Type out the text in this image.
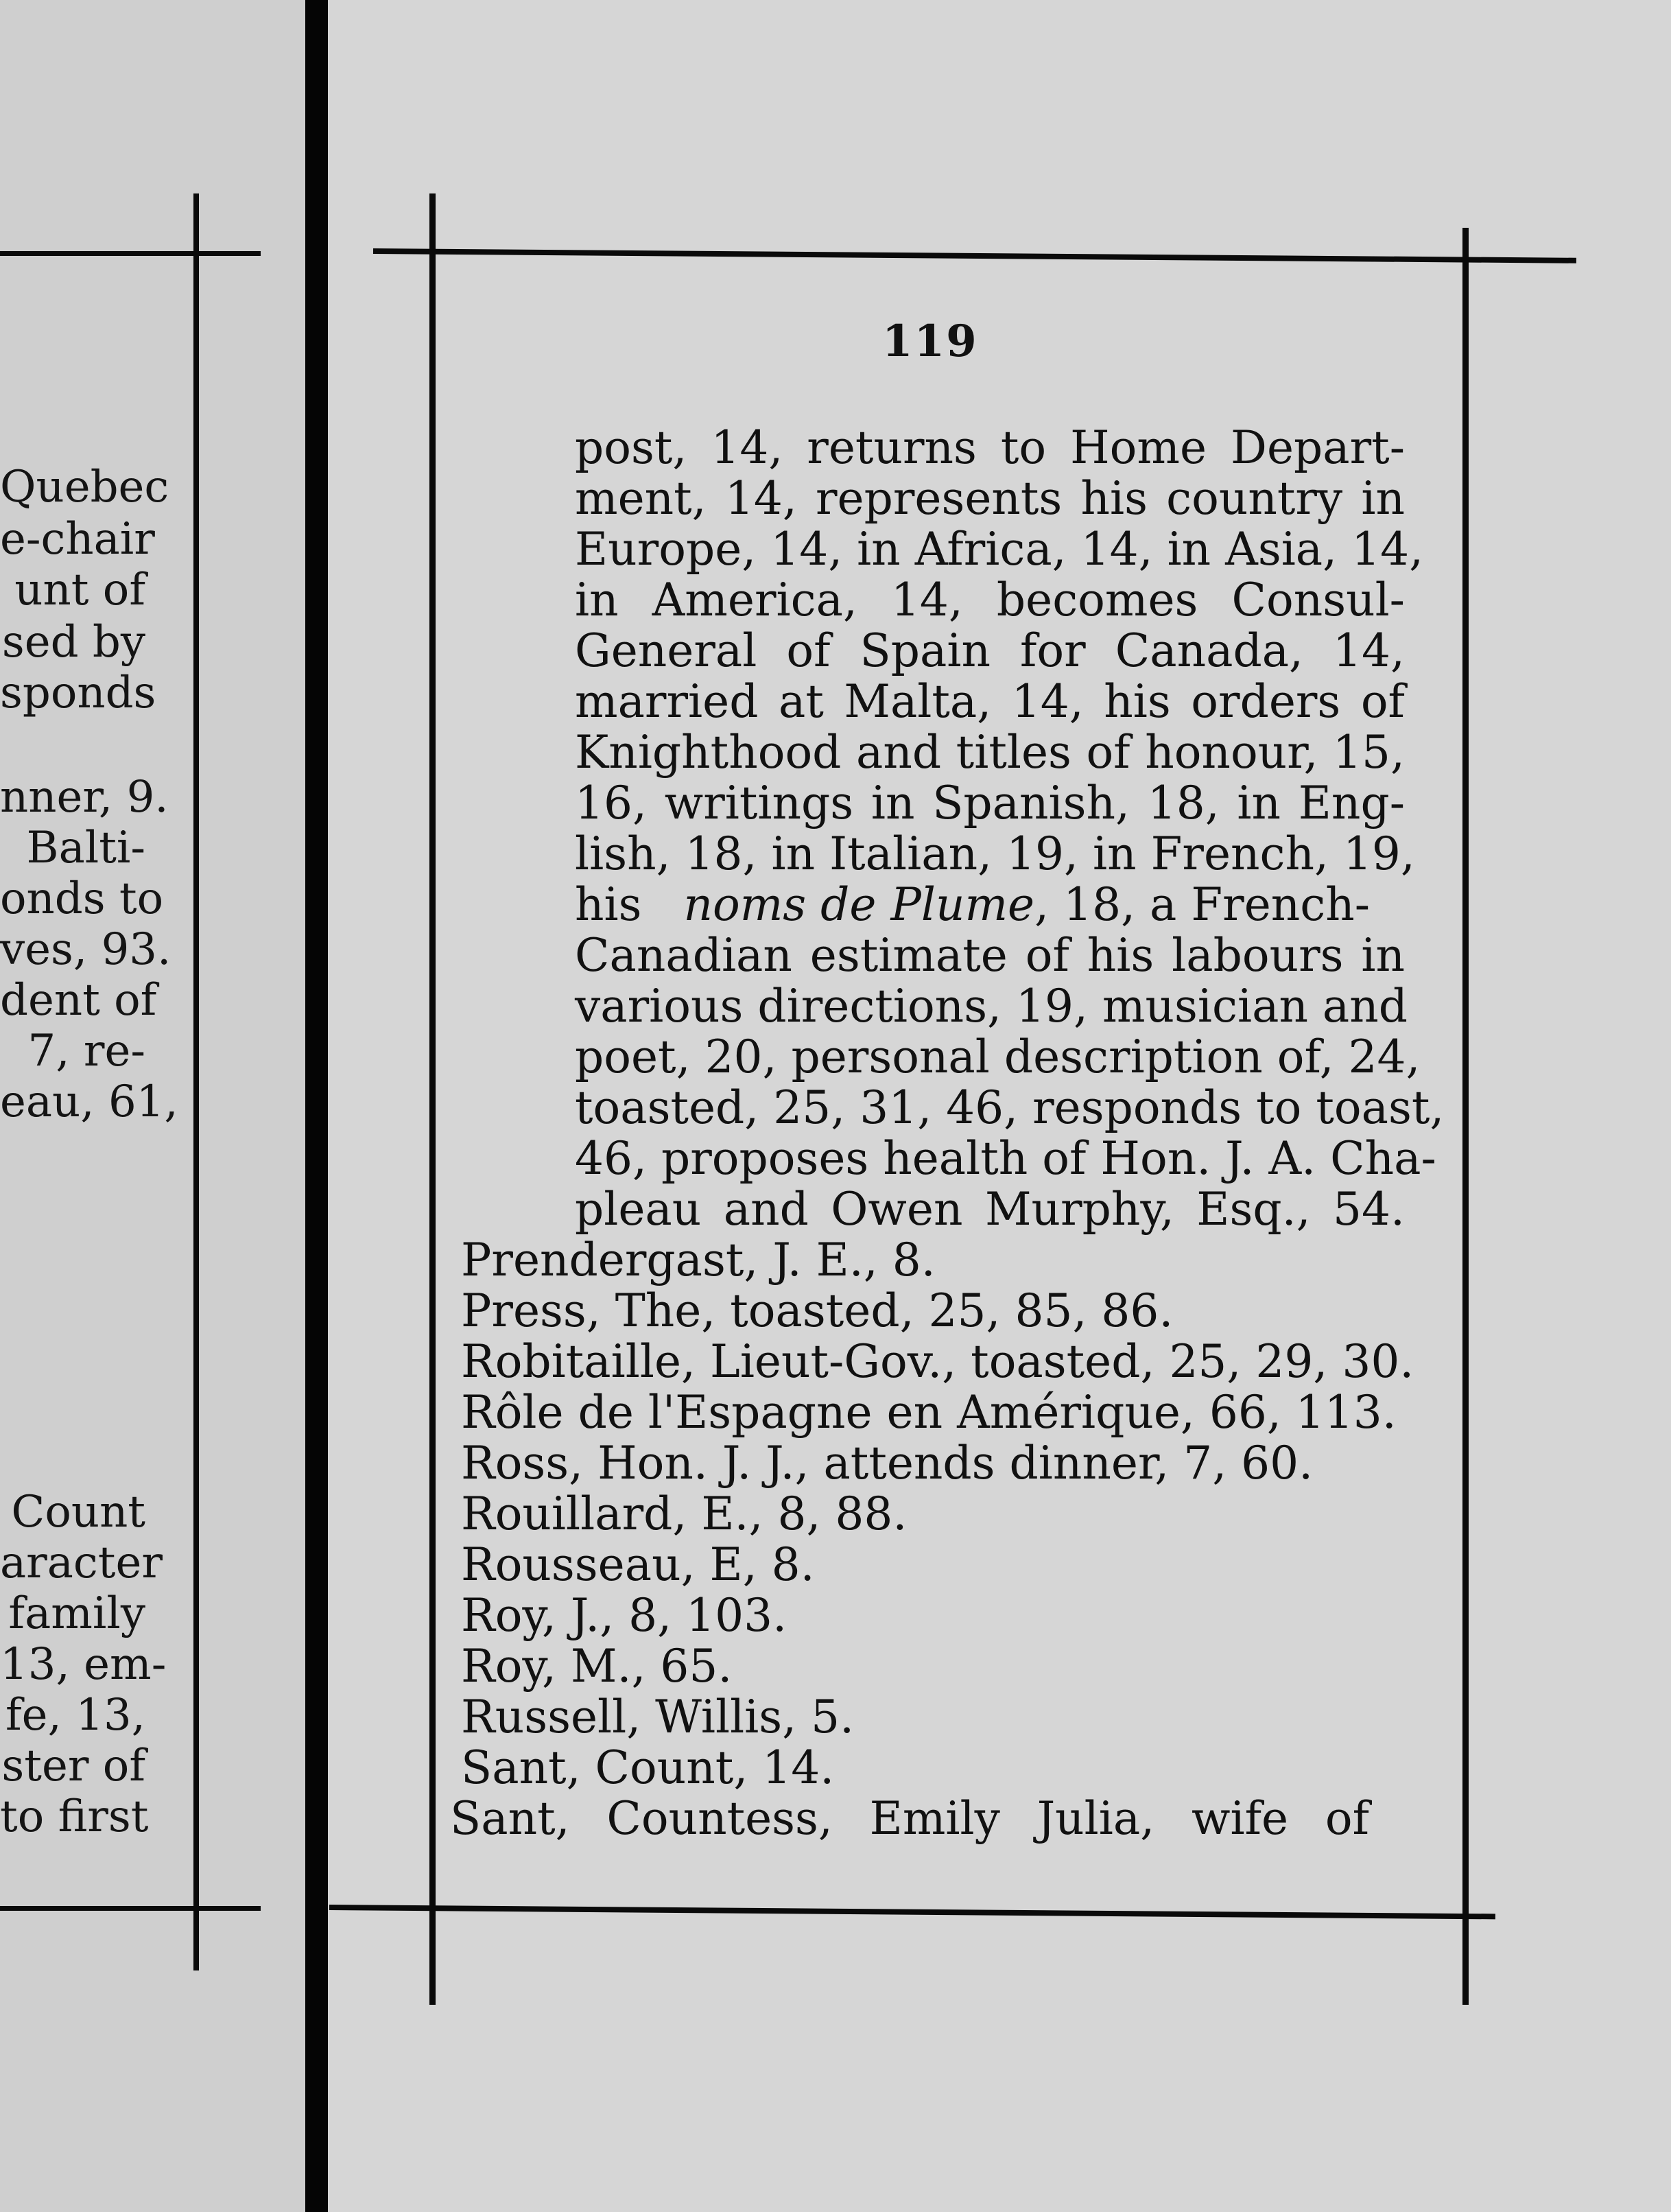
Quebec
e-chair
unt of
sed by
sponds
nner, 9.
Balti-
onds to
ves, 93.
dent of
7, re-
eau, 61,
Count
aracter
family
13, em-
fe, 13,
ster of
to first
119
post, 14, returns to Home Depart-
ment, 14, represents his country in
Europe, 14, in Africa, 14, in Asia, 14,
in America, 14, becomes Consul-
General of Spain for Canada, 14,
married at Malta, 14, his orders of
Knighthood and titles of honour, 15,
16, writings in Spanish, 18, in Eng-
lish, 18, in Italian, 19, in French, 19,
his noms de Plume, 18, a French-
Canadian estimate of his labours in
various directions, 19, musician and
poet, 20, personal description of, 24,
toasted, 25, 31, 46, responds to toast,
46, proposes health of Hon. J. A. Cha-
pleau and Owen Murphy, Esq., 54.
Prendergast, J. E., 8.
Press, The, toasted, 25, 85, 86.
Robitaille, Lieut-Gov., toasted, 25, 29, 30.
Rôle de l'Espagne en Amérique, 66, 113.
Ross, Hon. J. J., attends dinner, 7, 60.
Rouillard, E., 8, 88.
Rousseau, E, 8.
Roy, J., 8, 103.
Roy, M., 65.
Russell, Willis, 5.
Sant, Count, 14.
Sant, Countess, Emily Julia, wife of
